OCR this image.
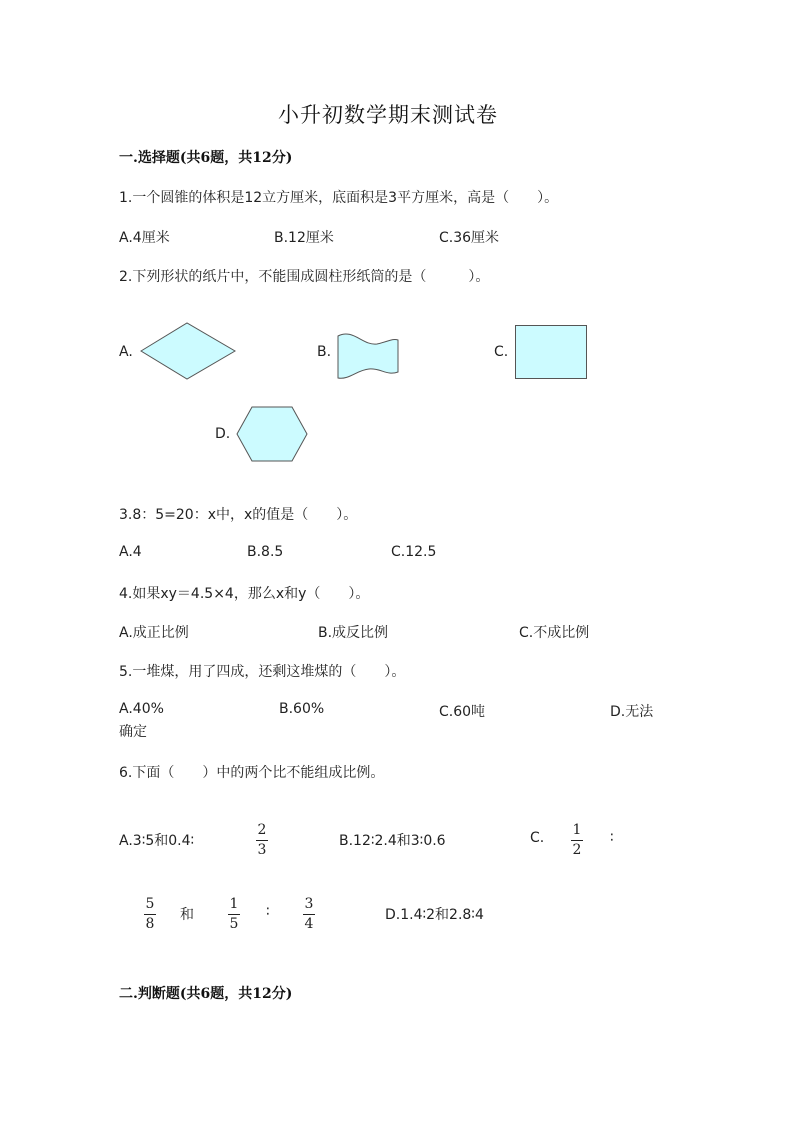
小升初数学期末测试卷
一.选择题(共6题，共12分)
1.一个圆锥的体积是12立方厘米，底面积是3平方厘米，高是（　　）。
A.4厘米	B.12厘米	C.36厘米
2.下列形状的纸片中，不能围成圆柱形纸筒的是（　　　）。
A.	B.	C.
D.
3.8：5=20：x中，x的值是（　　）。
A.4	B.8.5	C.12.5
4.如果xy＝4.5×4，那么x和y（　　）。
A.成正比例	B.成反比例	C.不成比例
5.一堆煤，用了四成，还剩这堆煤的（　　）。
A.40%	B.60%	C.60吨	D.无法
确定
6.下面（　　）中的两个比不能组成比例。
A.3∶5和0.4∶
2
3
B.12∶2.4和3∶0.6	C. 1
2
∶
5
8
和
1
5
∶ 3
4
D.1.4∶2和2.8∶4
二.判断题(共6题，共12分)
